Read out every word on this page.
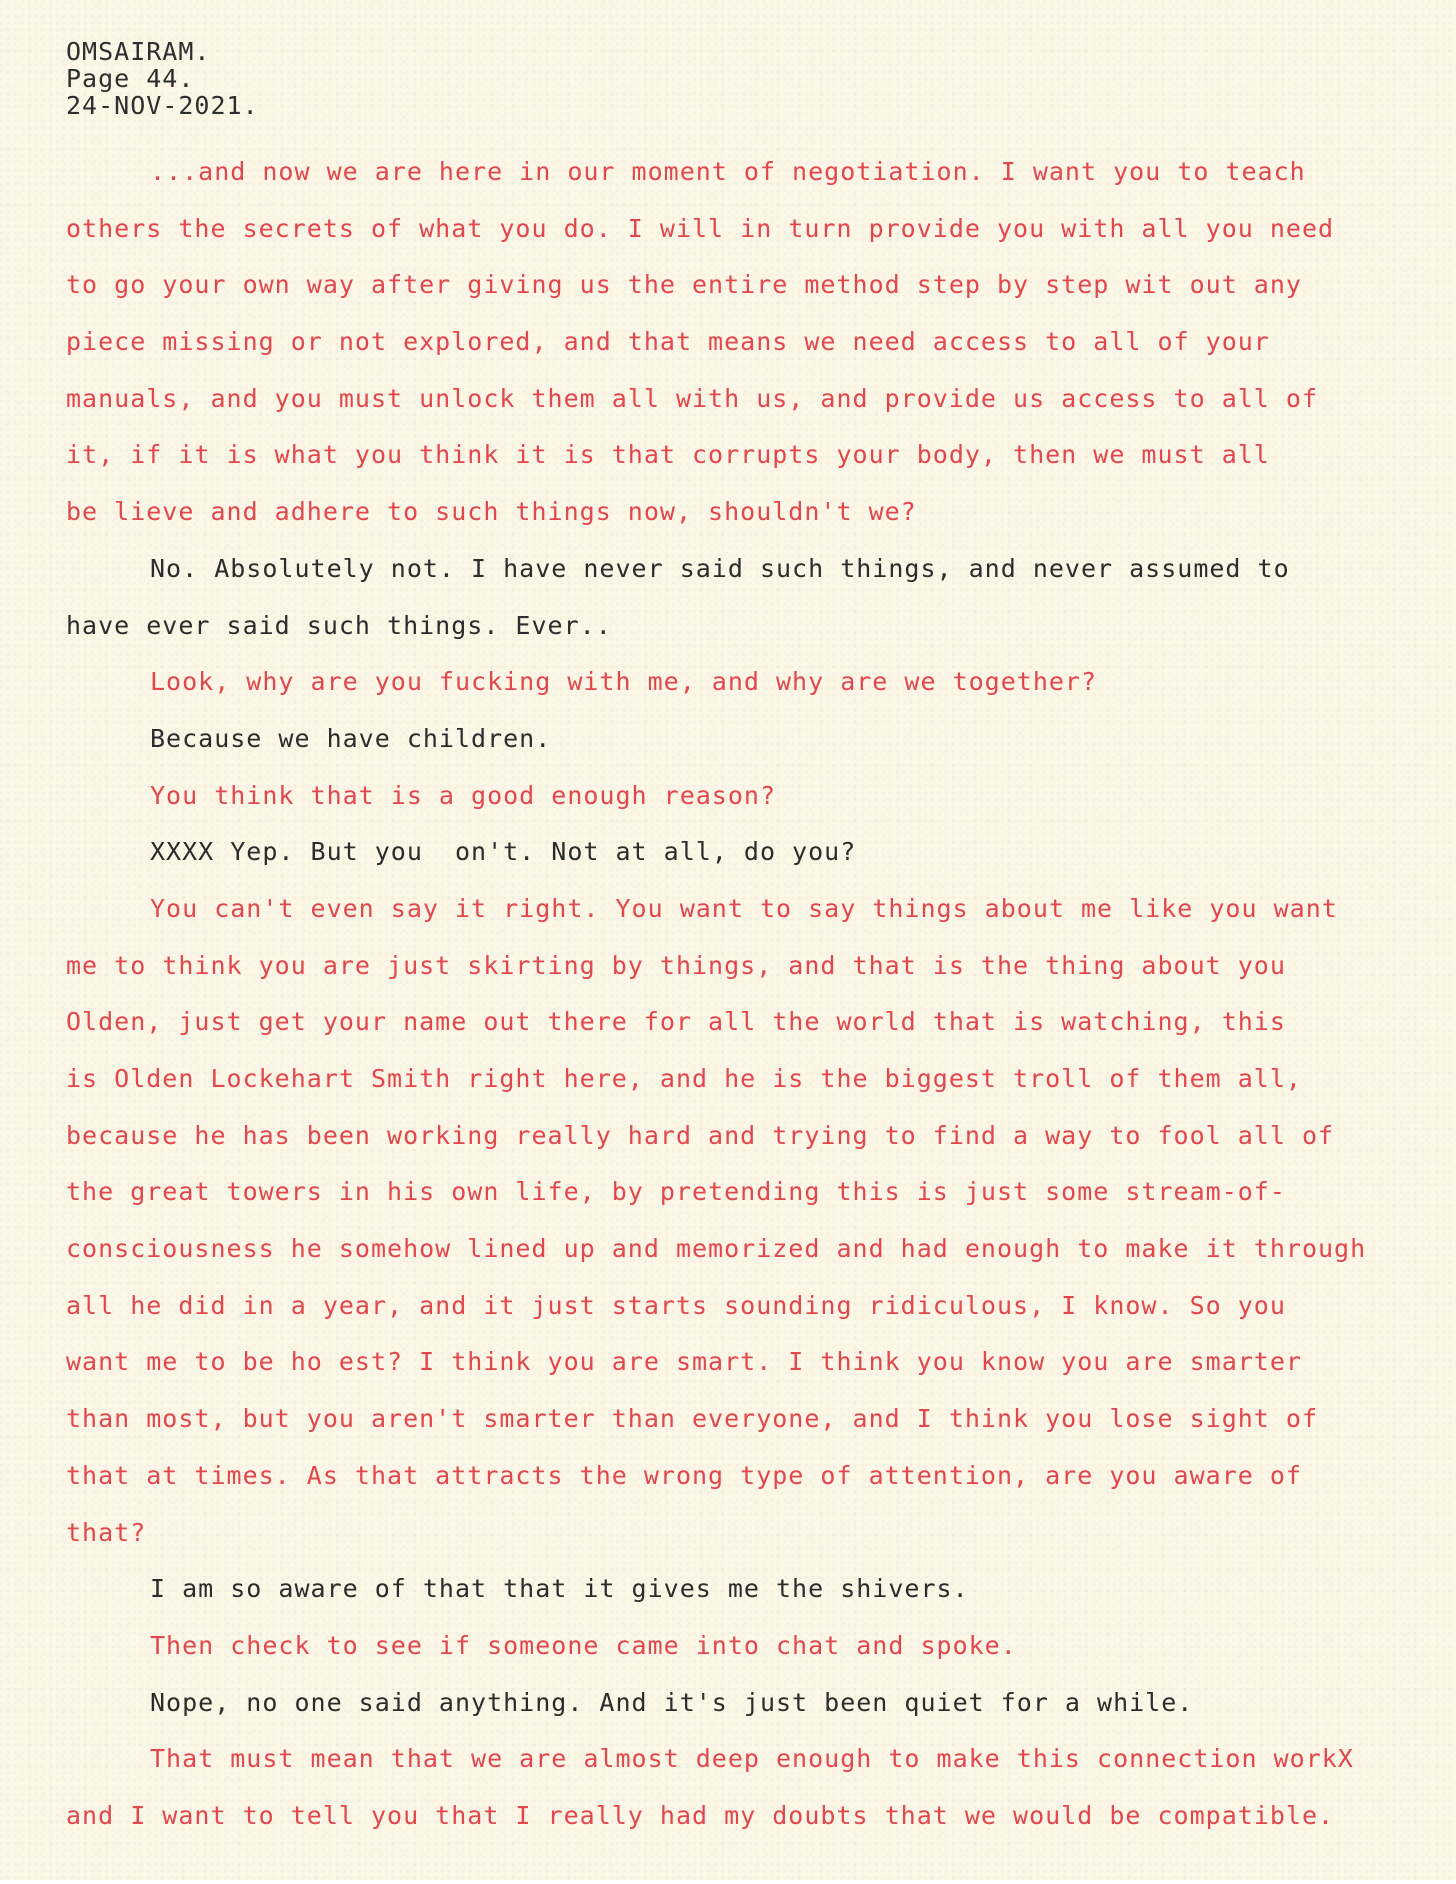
OMSAIRAM.
Page 44.
24-NOV-2021.
...and now we are here in our moment of negotiation. I want you to teach
others the secrets of what you do. I will in turn provide you with all you need
to go your own way after giving us the entire method step by step wit out any
piece missing or not explored, and that means we need access to all of your
manuals, and you must unlock them all with us, and provide us access to all of
it, if it is what you think it is that corrupts your body, then we must all
be lieve and adhere to such things now, shouldn't we?
No. Absolutely not. I have never said such things, and never assumed to
have ever said such things. Ever..
Look, why are you fucking with me, and why are we together?
Because we have children.
You think that is a good enough reason?
XXXX Yep. But you  on't. Not at all, do you?
You can't even say it right. You want to say things about me like you want
me to think you are just skirting by things, and that is the thing about you
Olden, just get your name out there for all the world that is watching, this
is Olden Lockehart Smith right here, and he is the biggest troll of them all,
because he has been working really hard and trying to find a way to fool all of
the great towers in his own life, by pretending this is just some stream-of-
consciousness he somehow lined up and memorized and had enough to make it through
all he did in a year, and it just starts sounding ridiculous, I know. So you
want me to be ho est? I think you are smart. I think you know you are smarter
than most, but you aren't smarter than everyone, and I think you lose sight of
that at times. As that attracts the wrong type of attention, are you aware of
that?
I am so aware of that that it gives me the shivers.
Then check to see if someone came into chat and spoke.
Nope, no one said anything. And it's just been quiet for a while.
That must mean that we are almost deep enough to make this connection workX
and I want to tell you that I really had my doubts that we would be compatible.
